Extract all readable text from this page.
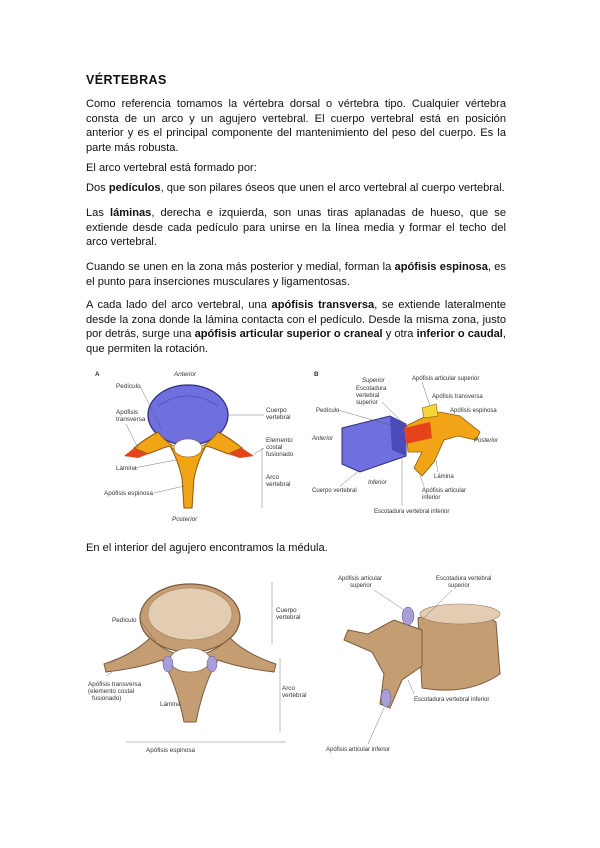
VÉRTEBRAS

Como referencia tomamos la vértebra dorsal o vértebra tipo. Cualquier vértebra consta de un arco y un agujero vertebral. El cuerpo vertebral está en posición anterior y es el principal componente del mantenimiento del peso del cuerpo. Es la parte más robusta.

El arco vertebral está formado por:

Dos pedículos, que son pilares óseos que unen el arco vertebral al cuerpo vertebral.

Las láminas, derecha e izquierda, son unas tiras aplanadas de hueso, que se extiende desde cada pedículo para unirse en la línea media y formar el techo del arco vertebral.

Cuando se unen en la zona más posterior y medial, forman la apófisis espinosa, es el punto para inserciones musculares y ligamentosas.

A cada lado del arco vertebral, una apófisis transversa, se extiende lateralmente desde la zona donde la lámina contacta con el pedículo. Desde la misma zona, justo por detrás, surge una apófisis articular superior o craneal y otra inferior o caudal, que permiten la rotación.

A	Anterior
Pedículo
Apófisis
transversa
Lámina
Apófisis espinosa
Cuerpo
vertebral
Elemento
costal
fusionado
Arco
vertebral
Posterior
B
Superior
Escotadura
vertebral
superior
Pedículo
Anterior
Cuerpo vertebral
Inferior
Apófisis articular superior
Apófisis transversa
Apófisis espinosa
Posterior
Lámina
Apófisis articular
inferior
Escotadura vertebral inferior

En el interior del agujero encontramos la médula.

Pedículo
Cuerpo
vertebral
Apófisis transversa
(elemento costal
fusionado)
Arco
vertebral
Lámina
Apófisis espinosa
Apófisis articular
superior
Escotadura vertebral
superior
Escotadura vertebral inferior
Apófisis articular inferior
